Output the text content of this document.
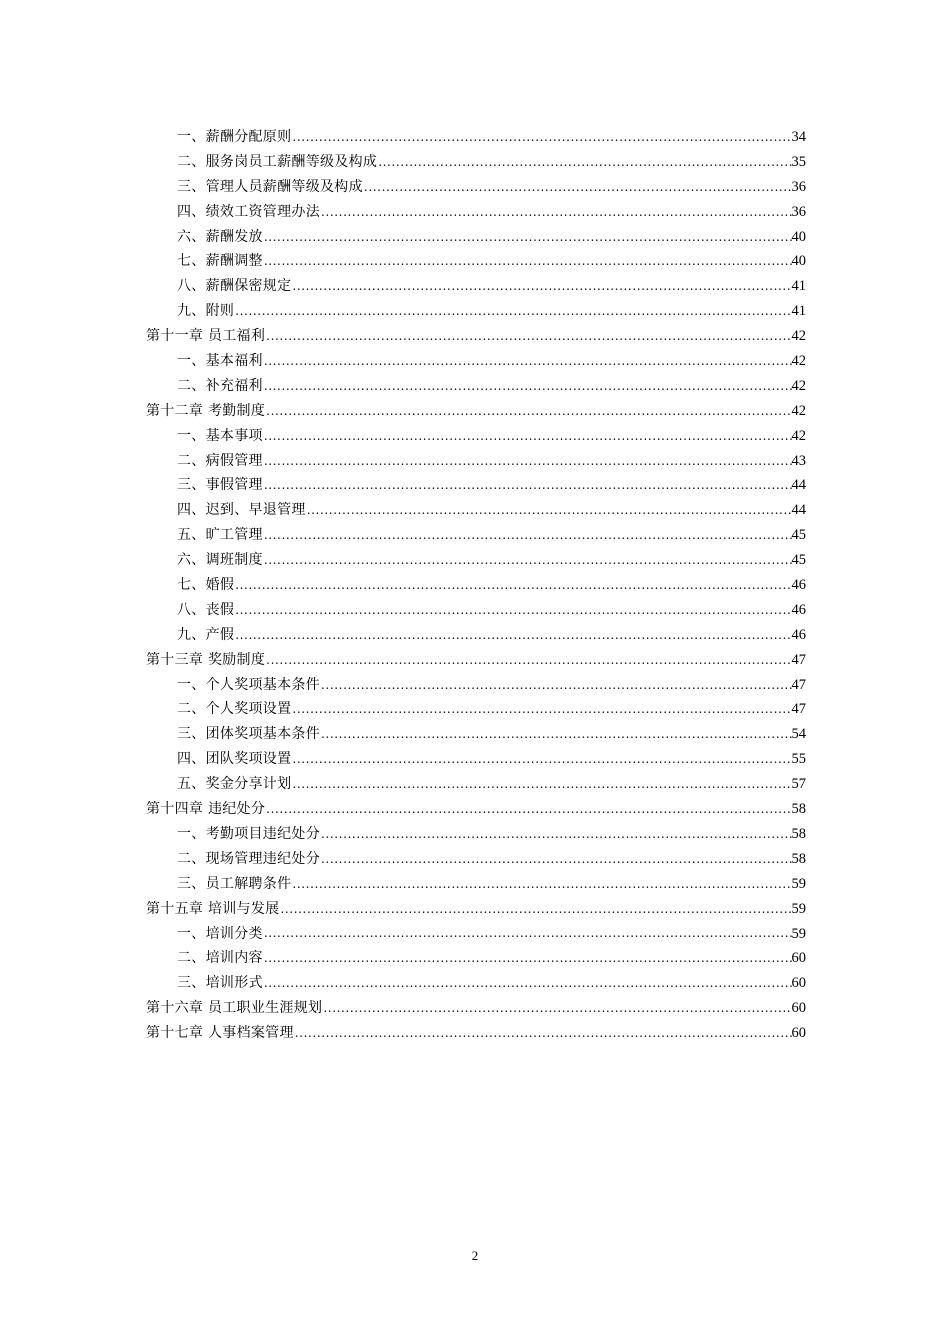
一、薪酬分配原则 .....	34
二、服务岗员工薪酬等级及构成 .....	35
三、管理人员薪酬等级及构成 .....	36
四、绩效工资管理办法 .....	36
六、薪酬发放 .....	40
七、薪酬调整 .....	40
八、薪酬保密规定 .....	41
九、附则 .....	41
第十一章 员工福利 .....	42
一、基本福利 .....	42
二、补充福利 .....	42
第十二章 考勤制度 .....	42
一、基本事项 .....	42
二、病假管理 .....	43
三、事假管理 .....	44
四、迟到、早退管理 .....	44
五、旷工管理 .....	45
六、调班制度 .....	45
七、婚假 .....	46
八、丧假 .....	46
九、产假 .....	46
第十三章 奖励制度 .....	47
一、个人奖项基本条件 .....	47
二、个人奖项设置 .....	47
三、团体奖项基本条件 .....	54
四、团队奖项设置 .....	55
五、奖金分享计划 .....	57
第十四章 违纪处分 .....	58
一、考勤项目违纪处分 .....	58
二、现场管理违纪处分 .....	58
三、员工解聘条件 .....	59
第十五章 培训与发展 .....	59
一、培训分类 .....	59
二、培训内容 .....	60
三、培训形式 .....	60
第十六章 员工职业生涯规划 .....	60
第十七章 人事档案管理 .....	60
2
